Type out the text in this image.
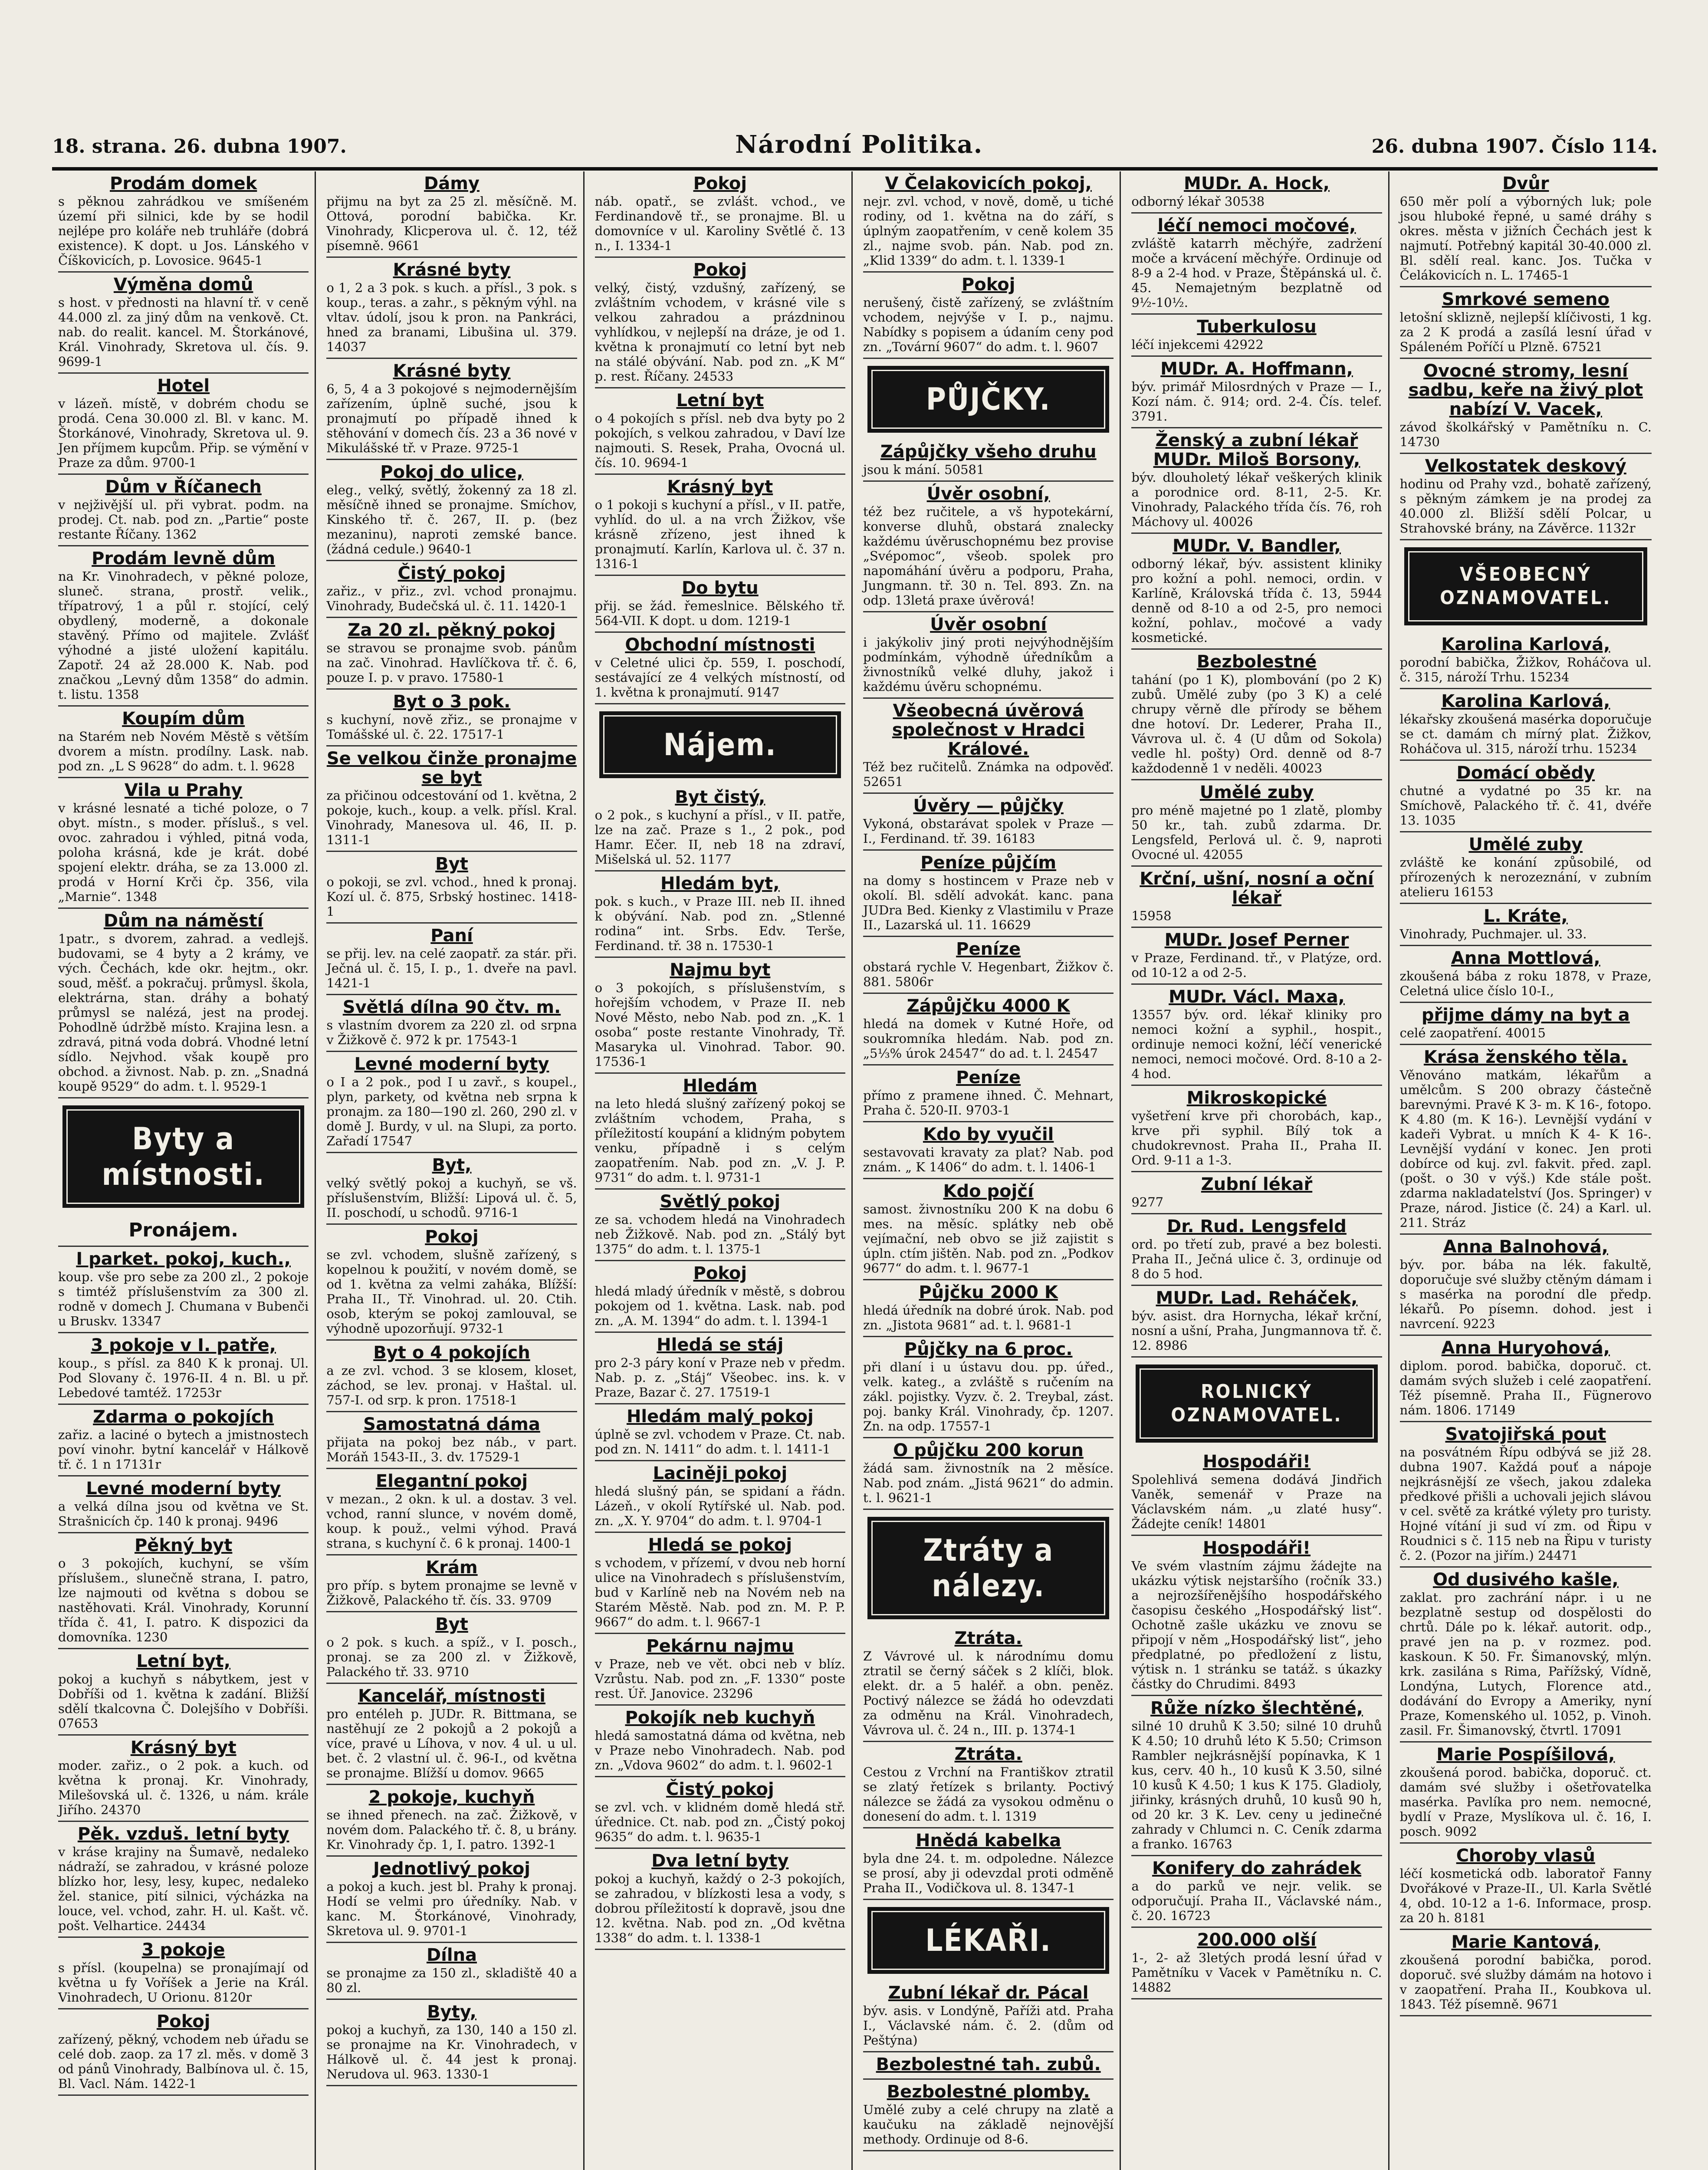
18. strana. 26. dubna 1907.	Národní Politika.	26. dubna 1907. Číslo 114.
Prodám domek

s pěknou zahrádkou ve smíšeném území při silnici, kde by se hodil nejlépe pro koláře neb truhláře (dobrá existence). K dopt. u Jos. Lánského v Číškovicích, p. Lovosice. 9645-1

Výměna domů

s host. v přednosti na hlavní tř. v ceně 44.000 zl. za jiný dům na venkově. Ct. nab. do realit. kancel. M. Štorkánové, Král. Vinohrady, Skretova ul. čís. 9. 9699-1

Hotel

v lázeň. místě, v dobrém chodu se prodá. Cena 30.000 zl. Bl. v kanc. M. Štorkánové, Vinohrady, Skretova ul. 9. Jen příjmem kupcům. Přip. se výmění v Praze za dům. 9700-1

Dům v Říčanech

v nejživější ul. při vybrat. podm. na prodej. Ct. nab. pod zn. „Partie“ poste restante Říčany. 1362

Prodám levně dům

na Kr. Vinohradech, v pěkné poloze, sluneč. strana, prostř. velik., třípatrový, 1 a půl r. stojící, celý obydlený, moderně, a dokonale stavěný. Přímo od majitele. Zvlášť výhodné a jisté uložení kapitálu. Zapotř. 24 až 28.000 K. Nab. pod značkou „Levný dům 1358“ do admin. t. listu. 1358

Koupím dům

na Starém neb Novém Městě s větším dvorem a místn. prodílny. Lask. nab. pod zn. „L S 9628“ do adm. t. l. 9628

Vila u Prahy

v krásné lesnaté a tiché poloze, o 7 obyt. místn., s moder. přísluš., s vel. ovoc. zahradou i výhled, pitná voda, poloha krásná, kde je krát. dobé spojení elektr. dráha, se za 13.000 zl. prodá v Horní Krči čp. 356, vila „Marnie“. 1348

Dům na náměstí

1patr., s dvorem, zahrad. a vedlejš. budovami, se 4 byty a 2 krámy, ve vých. Čechách, kde okr. hejtm., okr. soud, měšť. a pokračuj. průmysl. škola, elektrárna, stan. dráhy a bohatý průmysl se nalézá, jest na prodej. Pohodlně údržbě místo. Krajina lesn. a zdravá, pitná voda dobrá. Vhodné letní sídlo. Nejvhod. však koupě pro obchod. a živnost. Nab. p. zn. „Snadná koupě 9529“ do adm. t. l. 9529-1

Byty a místnosti.
Pronájem.
I parket. pokoj, kuch.,

koup. vše pro sebe za 200 zl., 2 pokoje s timtéž příslušenstvím za 300 zl. rodně v domech J. Chumana v Bubenči u Bruskv. 13347

3 pokoje v I. patře,

koup., s přísl. za 840 K k pronaj. Ul. Pod Slovany č. 1976-II. 4 n. Bl. u př. Lebedové tamtéž. 17253r

Zdarma o pokojích

zařiz. a laciné o bytech a jmistnostech poví vinohr. bytní kancelář v Hálkově tř. č. 1 n 17131r

Levné moderní byty

a velká dílna jsou od května ve St. Strašnicích čp. 140 k pronaj. 9496

Pěkný byt

o 3 pokojích, kuchyní, se vším příslušem., slunečně strana, I. patro, lze najmouti od května s dobou se nastěhovati. Král. Vinohrady, Korunní třída č. 41, I. patro. K dispozici da domovníka. 1230

Letní byt,

pokoj a kuchyň s nábytkem, jest v Dobříši od 1. května k zadání. Bližší sdělí tkalcovna Č. Dolejšího v Dobříši. 07653

Krásný byt

moder. zařiz., o 2 pok. a kuch. od května k pronaj. Kr. Vinohrady, Milešovská ul. č. 1326, u nám. krále Jiřího. 24370

Pěk. vzduš. letní byty

v kráse krajiny na Šumavě, nedaleko nádraží, se zahradou, v krásné poloze blízko hor, lesy, lesy, kupec, nedaleko žel. stanice, pití silnici, výcházka na louce, vel. vchod, zahr. H. ul. Kašt. vč. pošt. Velhartice. 24434

3 pokoje

s přísl. (koupelna) se pronajímají od května u fy Voříšek a Jerie na Král. Vinohradech, U Orionu. 8120r

Pokoj

zařízený, pěkný, vchodem neb úřadu se celé dob. zaop. za 17 zl. měs. v domě 3 od pánů Vinohrady, Balbínova ul. č. 15, Bl. Vacl. Nám. 1422-1

Dámy

přijmu na byt za 25 zl. měsíčně. M. Ottová, porodní babička. Kr. Vinohrady, Klicperova ul. č. 12, též písemně. 9661

Krásné byty

o 1, 2 a 3 pok. s kuch. a přísl., 3 pok. s koup., teras. a zahr., s pěkným výhl. na vltav. údolí, jsou k pron. na Pankráci, hned za branami, Libušina ul. 379. 14037

Krásné byty

6, 5, 4 a 3 pokojové s nejmodernějším zařízením, úplně suché, jsou k pronajmutí po případě ihned k stěhování v domech čís. 23 a 36 nové v Mikulášské tř. v Praze. 9725-1

Pokoj do ulice,

eleg., velký, světlý, žokenný za 18 zl. měsíčně ihned se pronajme. Smíchov, Kinského tř. č. 267, II. p. (bez mezaninu), naproti zemské bance. (žádná cedule.) 9640-1

Čistý pokoj

zařiz., v přiz., zvl. vchod pronajmu. Vinohrady, Budečská ul. č. 11. 1420-1

Za 20 zl. pěkný pokoj

se stravou se pronajme svob. pánům na zač. Vinohrad. Havlíčkova tř. č. 6, pouze I. p. v pravo. 17580-1

Byt o 3 pok.

s kuchyní, nově zřiz., se pronajme v Tomášské ul. č. 22. 17517-1

Se velkou činže pronajme se byt

za přičinou odcestování od 1. května, 2 pokoje, kuch., koup. a velk. přísl. Kral. Vinohrady, Manesova ul. 46, II. p. 1311-1

Byt

o pokoji, se zvl. vchod., hned k pronaj. Kozí ul. č. 875, Srbský hostinec. 1418-1

Paní

se přij. lev. na celé zaopatř. za stár. při. Ječná ul. č. 15, I. p., 1. dveře na pavl. 1421-1

Světlá dílna 90 čtv. m.

s vlastním dvorem za 220 zl. od srpna v Žižkově č. 972 k pr. 17543-1

Levné moderní byty

o I a 2 pok., pod I u zavř., s koupel., plyn, parkety, od května neb srpna k pronajm. za 180—190 zl. 260, 290 zl. v domě J. Burdy, v ul. na Slupi, za porto. Zařadí 17547

Byt,

velký světlý pokoj a kuchyň, se vš. příslušenstvím, Bližší: Lipová ul. č. 5, II. poschodí, u schodů. 9716-1

Pokoj

se zvl. vchodem, slušně zařízený, s kopelnou k použití, v novém domě, se od 1. května za velmi zaháka, Blížší: Praha II., Tř. Vinohrad. ul. 20. Ctih. osob, kterým se pokoj zamlouval, se výhodně upozorňují. 9732-1

Byt o 4 pokojích

a ze zvl. vchod. 3 se klosem, kloset, záchod, se lev. pronaj. v Haštal. ul. 757-I. od srp. k pron. 17518-1

Samostatná dáma

přijata na pokoj bez náb., v part. Moráň 1543-II., 3. dv. 17529-1

Elegantní pokoj

v mezan., 2 okn. k ul. a dostav. 3 vel. vchod, ranní slunce, v novém domě, koup. k použ., velmi výhod. Pravá strana, s kuchyní č. 6 k pronaj. 1400-1

Krám

pro příp. s bytem pronajme se levně v Žižkově, Palackého tř. čís. 33. 9709

Byt

o 2 pok. s kuch. a spíž., v I. posch., pronaj. se za 200 zl. v Žižkově, Palackého tř. 33. 9710

Kancelář, místnosti

pro entéleh p. JUDr. R. Bittmana, se nastěhují ze 2 pokojů a 2 pokojů a více, pravé u Líhova, v nov. 4 ul. u ul. bet. č. 2 vlastní ul. č. 96-I., od května se pronajme. Blížší u domov. 9665

2 pokoje, kuchyň

se ihned přenech. na zač. Žižkově, v novém dom. Palackého tř. č. 8, u brány. Kr. Vinohrady čp. 1, I. patro. 1392-1

Jednotlivý pokoj

a pokoj a kuch. jest bl. Prahy k pronaj. Hodí se velmi pro úředníky. Nab. v kanc. M. Štorkánové, Vinohrady, Skretova ul. 9. 9701-1

Dílna

se pronajme za 150 zl., skladiště 40 a 80 zl.

Byty,

pokoj a kuchyň, za 130, 140 a 150 zl. se pronajme na Kr. Vinohradech, v Hálkově ul. č. 44 jest k pronaj. Nerudova ul. 963. 1330-1

Pokoj

náb. opatř., se zvlášt. vchod., ve Ferdinandově tř., se pronajme. Bl. u domovníce v ul. Karoliny Světlé č. 13 n., I. 1334-1

Pokoj

velký, čistý, vzdušný, zařízený, se zvláštním vchodem, v krásné vile s velkou zahradou a prázdninou vyhlídkou, v nejlepší na dráze, je od 1. května k pronajmutí co letní byt neb na stálé obývání. Nab. pod zn. „K M“ p. rest. Říčany. 24533

Letní byt

o 4 pokojích s přísl. neb dva byty po 2 pokojích, s velkou zahradou, v Daví lze najmouti. S. Resek, Praha, Ovocná ul. čís. 10. 9694-1

Krásný byt

o 1 pokoji s kuchyní a přísl., v II. patře, vyhlíd. do ul. a na vrch Žižkov, vše krásně zřízeno, jest ihned k pronajmutí. Karlín, Karlova ul. č. 37 n. 1316-1

Do bytu

přij. se žád. řemeslnice. Bělského tř. 564-VII. K dopt. u dom. 1219-1

Obchodní místnosti

v Celetné ulici čp. 559, I. poschodí, sestávající ze 4 velkých místností, od 1. května k pronajmutí. 9147

Nájem.
Byt čistý,

o 2 pok., s kuchyní a přísl., v II. patře, lze na zač. Praze s 1., 2 pok., pod Hamr. Ečer. II, neb 18 na zdraví, Mišelská ul. 52. 1177

Hledám byt,

pok. s kuch., v Praze III. neb II. ihned k obývání. Nab. pod zn. „Stlenné rodina“ int. Srbs. Edv. Terše, Ferdinand. tř. 38 n. 17530-1

Najmu byt

o 3 pokojích, s příslušenstvím, s hořejším vchodem, v Praze II. neb Nové Město, nebo Nab. pod zn. „K. 1 osoba“ poste restante Vinohrady, Tř. Masaryka ul. Vinohrad. Tabor. 90. 17536-1

Hledám

na leto hledá slušný zařízený pokoj se zvláštním vchodem, Praha, s příležitostí koupání a klidným pobytem venku, případně i s celým zaopatřením. Nab. pod zn. „V. J. P. 9731“ do adm. t. l. 9731-1

Světlý pokoj

ze sa. vchodem hledá na Vinohradech neb Žižkově. Nab. pod zn. „Stálý byt 1375“ do adm. t. l. 1375-1

Pokoj

hledá mladý úředník v městě, s dobrou pokojem od 1. května. Lask. nab. pod zn. „A. M. 1394“ do adm. t. l. 1394-1

Hledá se stáj

pro 2-3 páry koní v Praze neb v předm. Nab. p. z. „Stáj“ Všeobec. ins. k. v Praze, Bazar č. 27. 17519-1

Hledám malý pokoj

úplně se zvl. vchodem v Praze. Ct. nab. pod zn. N. 1411“ do adm. t. l. 1411-1

Laciněji pokoj

hledá slušný pán, se spidaní a řádn. Lázeň., v okolí Rytířské ul. Nab. pod. zn. „X. Y. 9704“ do adm. t. l. 9704-1

Hledá se pokoj

s vchodem, v přízemí, v dvou neb horní ulice na Vinohradech s příslušenstvím, bud v Karlíně neb na Novém neb na Starém Městě. Nab. pod zn. M. P. P. 9667“ do adm. t. l. 9667-1

Pekárnu najmu

v Praze, neb ve vět. obci neb v blíz. Vzrůstu. Nab. pod zn. „F. 1330“ poste rest. Úř. Janovice. 23296

Pokojík neb kuchyň

hledá samostatná dáma od května, neb v Praze nebo Vinohradech. Nab. pod zn. „Vdova 9602“ do adm. t. l. 9602-1

Čistý pokoj

se zvl. vch. v klidném domě hledá stř. úřednice. Ct. nab. pod zn. „Čistý pokoj 9635“ do adm. t. l. 9635-1

Dva letní byty

pokoj a kuchyň, každý o 2-3 pokojích, se zahradou, v blízkosti lesa a vody, s dobrou příležitostí k dopravě, jsou dne 12. května. Nab. pod zn. „Od května 1338“ do adm. t. l. 1338-1

V Čelakovicích pokoj,

nejr. zvl. vchod, v nově, domě, u tiché rodiny, od 1. května na do září, s úplným zaopatřením, v ceně kolem 35 zl., najme svob. pán. Nab. pod zn. „Klid 1339“ do adm. t. l. 1339-1

Pokoj

nerušený, čistě zařízený, se zvláštním vchodem, nejvýše v I. p., najmu. Nabídky s popisem a údaním ceny pod zn. „Tovární 9607“ do adm. t. l. 9607

PŮJČKY.
Zápůjčky všeho druhu

jsou k mání. 50581

Úvěr osobní,

též bez ručitele, a vš hypotekární, konverse dluhů, obstará znalecky každému úvěruschopnému bez provise „Svépomoc“, všeob. spolek pro napomáhání úvěru a podporu, Praha, Jungmann. tř. 30 n. Tel. 893. Zn. na odp. 13letá praxe úvěrová!

Úvěr osobní

i jakýkoliv jiný proti nejvýhodnějším podmínkám, výhodně úředníkům a živnostníků velké dluhy, jakož i každému úvěru schopnému.

Všeobecná úvěrová společnost v Hradci Králové.

Též bez ručitelů. Známka na odpověď. 52651

Úvěry — půjčky

Vykoná, obstarávat spolek v Praze — I., Ferdinand. tř. 39. 16183

Peníze půjčím

na domy s hostincem v Praze neb v okolí. Bl. sdělí advokát. kanc. pana JUDra Bed. Kienky z Vlastimilu v Praze II., Lazarská ul. 11. 16629

Peníze

obstará rychle V. Hegenbart, Žižkov č. 881. 5806r

Zápůjčku 4000 K

hledá na domek v Kutné Hoře, od soukromníka hledám. Nab. pod zn. „5⅓% úrok 24547“ do ad. t. l. 24547

Peníze

přímo z pramene ihned. Č. Mehnart, Praha č. 520-II. 9703-1

Kdo by vyučil

sestavovati kravaty za plat? Nab. pod znám. „ K 1406“ do adm. t. l. 1406-1

Kdo pojčí

samost. živnostníku 200 K na dobu 6 mes. na měsíc. splátky neb obě vejímační, neb obvo se již zajistit s úpln. ctím jištěn. Nab. pod zn. „Podkov 9677“ do adm. t. l. 9677-1

Půjčku 2000 K

hledá úředník na dobré úrok. Nab. pod zn. „Jistota 9681“ ad. t. l. 9681-1

Půjčky na 6 proc.

při dlaní i u ústavu dou. pp. úřed., velk. kateg., a zvláště s ručením na zákl. pojistky. Vyzv. č. 2. Treybal, zást. poj. banky Král. Vinohrady, čp. 1207. Zn. na odp. 17557-1

O půjčku 200 korun

žádá sam. živnostník na 2 měsíce. Nab. pod znám. „Jistá 9621“ do admin. t. l. 9621-1

Ztráty a nálezy.
Ztráta.

Z Vávrové ul. k národnímu domu ztratil se černý sáček s 2 klíči, blok. elekt. dr. a 5 haléř. a obn. peněz. Poctivý nálezce se žádá ho odevzdati za odměnu na Král. Vinohradech, Vávrova ul. č. 24 n., III. p. 1374-1

Ztráta.

Cestou z Vrchní na Františkov ztratil se zlatý řetízek s brilanty. Poctivý nálezce se žádá za vysokou odměnu o donesení do adm. t. l. 1319

Hnědá kabelka

byla dne 24. t. m. odpoledne. Nálezce se prosí, aby ji odevzdal proti odměně Praha II., Vodičkova ul. 8. 1347-1

LÉKAŘI.
Zubní lékař dr. Pácal

býv. asis. v Londýně, Paříži atd. Praha I., Václavské nám. č. 2. (dům od Peštýna)

Bezbolestné tah. zubů.
Bezbolestné plomby.

Umělé zuby a celé chrupy na zlatě a kaučuku na základě nejnovější methody. Ordinuje od 8-6.

MUDr. A. Hock,

odborný lékař 30538

léčí nemoci močové,

zvláště katarrh měchýře, zadržení moče a krvácení měchýře. Ordinuje od 8-9 a 2-4 hod. v Praze, Štěpánská ul. č. 45. Nemajetným bezplatně od 9½-10½.

Tuberkulosu

léčí injekcemi 42922

MUDr. A. Hoffmann,

býv. primář Milosrdných v Praze — I., Kozí nám. č. 914; ord. 2-4. Čís. telef. 3791.

Ženský a zubní lékař MUDr. Miloš Borsony,

býv. dlouholetý lékař veškerých klinik a porodnice ord. 8-11, 2-5. Kr. Vinohrady, Palackého třída čís. 76, roh Máchovy ul. 40026

MUDr. V. Bandler,

odborný lékař, býv. assistent kliniky pro kožní a pohl. nemoci, ordin. v Karlíně, Královská třída č. 13, 5944 denně od 8-10 a od 2-5, pro nemoci kožní, pohlav., močové a vady kosmetické.

Bezbolestné

tahání (po 1 K), plombování (po 2 K) zubů. Umělé zuby (po 3 K) a celé chrupy věrně dle přírody se během dne hotoví. Dr. Lederer, Praha II., Vávrova ul. č. 4 (U dům od Sokola) vedle hl. pošty) Ord. denně od 8-7 každodenně 1 v neděli. 40023

Umělé zuby

pro méně majetné po 1 zlatě, plomby 50 kr., tah. zubů zdarma. Dr. Lengsfeld, Perlová ul. č. 9, naproti Ovocné ul. 42055

Krční, ušní, nosní a oční lékař

15958

MUDr. Josef Perner

v Praze, Ferdinand. tř., v Platýze, ord. od 10-12 a od 2-5.

MUDr. Václ. Maxa,

13557 býv. ord. lékař kliniky pro nemoci kožní a syphil., hospit., ordinuje nemoci kožní, léčí venerické nemoci, nemoci močové. Ord. 8-10 a 2-4 hod.

Mikroskopické

vyšetření krve při chorobách, kap., krve při syphil. Bílý tok a chudokrevnost. Praha II., Praha II. Ord. 9-11 a 1-3.

Zubní lékař

9277

Dr. Rud. Lengsfeld

ord. po třetí zub, pravé a bez bolesti. Praha II., Ječná ulice č. 3, ordinuje od 8 do 5 hod.

MUDr. Lad. Reháček,

býv. asist. dra Hornycha, lékař krční, nosní a ušní, Praha, Jungmannova tř. č. 12. 8986

ROLNICKÝ OZNAMOVATEL.
Hospodáři!

Spolehlivá semena dodává Jindřich Vaněk, semenář v Praze na Václavském nám. „u zlaté husy“. Žádejte ceník! 14801

Hospodáři!

Ve svém vlastním zájmu žádejte na ukázku výtisk nejstaršího (ročník 33.) a nejrozšířenějšího hospodářského časopisu českého „Hospodářský list“. Ochotně zašle ukázku ve znovu se připojí v něm „Hospodářský list“, jeho předplatné, po předložení z listu, výtisk n. 1 stránku se tatáž. s úkazky částky do Chrudimi. 8493

Růže nízko šlechtěné,

silné 10 druhů K 3.50; silné 10 druhů K 4.50; 10 druhů léto K 5.50; Crimson Rambler nejkrásnější popínavka, K 1 kus, cerv. 40 h., 10 kusů K 3.50, silné 10 kusů K 4.50; 1 kus K 175. Gladioly, jiřinky, krásných druhů, 10 kusů 90 h, od 20 kr. 3 K. Lev. ceny u jedinečné zahrady v Chlumci n. C. Ceník zdarma a franko. 16763

Konifery do zahrádek

a do parků ve nejr. velik. se odporučují. Praha II., Václavské nám., č. 20. 16723

200.000 olší

1-, 2- až 3letých prodá lesní úřad v Pamětníku v Vacek v Pamětníku n. C. 14882

Dvůr

650 měr polí a výborných luk; pole jsou hluboké řepné, u samé dráhy s okres. města v jižních Čechách jest k najmutí. Potřebný kapitál 30-40.000 zl. Bl. sdělí real. kanc. Jos. Tučka v Čelákovicích n. L. 17465-1

Smrkové semeno

letošní sklizně, nejlepší klíčivosti, 1 kg. za 2 K prodá a zasílá lesní úřad v Spáleném Poříčí u Plzně. 67521

Ovocné stromy, lesní sadbu, keře na živý plot nabízí V. Vacek,

závod školkářský v Pamětníku n. C. 14730

Velkostatek deskový

hodinu od Prahy vzd., bohatě zařízený, s pěkným zámkem je na prodej za 40.000 zl. Bližší sdělí Polcar, u Strahovské brány, na Závěrce. 1132r

VŠEOBECNÝ OZNAMOVATEL.
Karolina Karlová,

porodní babička, Žižkov, Roháčova ul. č. 315, nároží Trhu. 15234

Karolina Karlová,

lékařsky zkoušená masérka doporučuje se ct. damám ch mírný plat. Žižkov, Roháčova ul. 315, nároží trhu. 15234

Domácí obědy

chutné a vydatné po 35 kr. na Smíchově, Palackého tř. č. 41, dvéře 13. 1035

Umělé zuby

zvláště ke konání způsobilé, od přírozených k nerozeznání, v zubním atelieru 16153

L. Kráte,

Vinohrady, Puchmajer. ul. 33.

Anna Mottlová,

zkoušená bába z roku 1878, v Praze, Celetná ulice číslo 10-I.,

přijme dámy na byt a

celé zaopatření. 40015

Krása ženského těla.

Věnováno matkám, lékařům a umělcům. S 200 obrazy částečně barevnými. Pravé K 3- m. K 16-, fotopo. K 4.80 (m. K 16-). Levnější vydání v kadeři Vybrat. u mních K 4- K 16-. Levnější vydání v konec. Jen proti dobírce od kuj. zvl. fakvit. před. zapl. (pošt. o 30 v výš.) Kde stále pošt. zdarma nakladatelství (Jos. Springer) v Praze, národ. Jistice (č. 24) a Karl. ul. 211. Stráz

Anna Balnohová,

býv. por. bába na lék. fakultě, doporučuje své služby ctěným dámam i s masérka na porodní dle předp. lékařů. Po písemn. dohod. jest i navrcení. 9223

Anna Huryohová,

diplom. porod. babička, doporuč. ct. damám svých služeb i celé zaopatření. Též písemně. Praha II., Fügnerovo nám. 1806. 17149

Svatojiřská pout

na posvátném Řípu odbývá se již 28. dubna 1907. Každá pouť a nápoje nejkrásnější ze všech, jakou zdaleka předkové přišli a uchovali jejich slávou v cel. světě za krátké výlety pro turisty. Hojné vítání ji sud ví zm. od Řipu v Roudnici s č. 115 neb na Řipu v turisty č. 2. (Pozor na jiřím.) 24471

Od dusivého kašle,

zaklat. pro zachrání nápr. i u ne bezplatně sestup od dospělosti do chrtů. Dále po k. lékař. autorit. odp., pravé jen na p. v rozmez. pod. kaskoun. K 50. Fr. Šimanovský, mlýn. krk. zasilána s Rima, Pařížský, Vídně, Londýna, Lutych, Florence atd., dodávání do Evropy a Ameriky, nyní Praze, Komenského ul. 1052, p. Vinoh. zasil. Fr. Šimanovský, čtvrtl. 17091

Marie Pospíšilová,

zkoušená porod. babička, doporuč. ct. damám své služby i ošetřovatelka masérka. Pavlíka pro nem. nemocné, bydlí v Praze, Myslíkova ul. č. 16, I. posch. 9092

Choroby vlasů

léčí kosmetická odb. laboratoř Fanny Dvořákové v Praze-II., Ul. Karla Světlé 4, obd. 10-12 a 1-6. Informace, prosp. za 20 h. 8181

Marie Kantová,

zkoušená porodní babička, porod. doporuč. své služby dámám na hotovo i v zaopatření. Praha II., Koubkova ul. 1843. Též písemně. 9671
